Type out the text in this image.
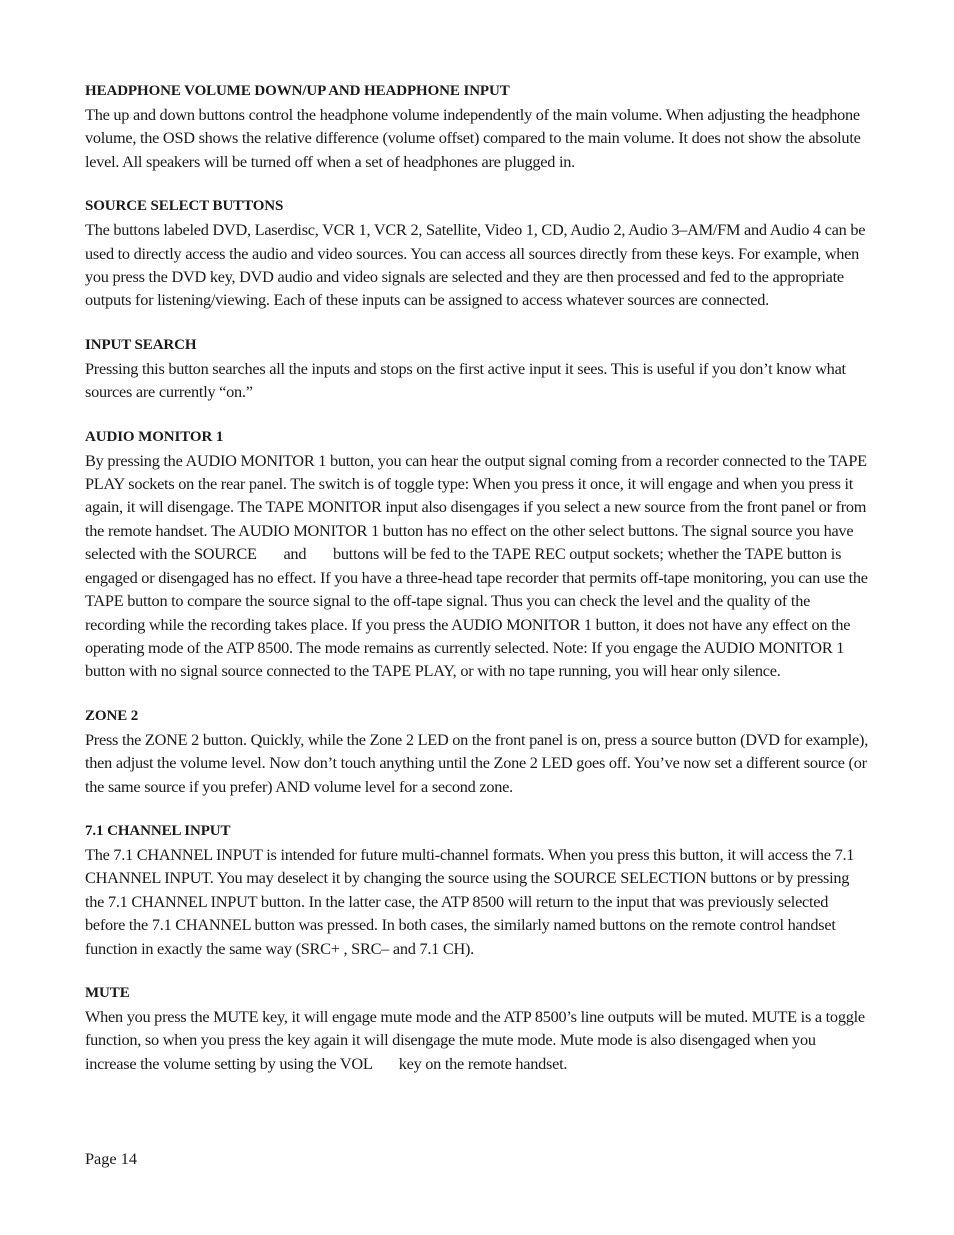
HEADPHONE VOLUME DOWN/UP AND HEADPHONE INPUT

The up and down buttons control the headphone volume independently of the main volume. When adjusting the headphone volume, the OSD shows the relative difference (volume offset) compared to the main volume. It does not show the absolute level. All speakers will be turned off when a set of headphones are plugged in.

SOURCE SELECT BUTTONS

The buttons labeled DVD, Laserdisc, VCR 1, VCR 2, Satellite, Video 1, CD, Audio 2, Audio 3–AM/FM and Audio 4 can be used to directly access the audio and video sources. You can access all sources directly from these keys. For example, when you press the DVD key, DVD audio and video signals are selected and they are then processed and fed to the appropriate outputs for listening/viewing. Each of these inputs can be assigned to access whatever sources are connected.

INPUT SEARCH

Pressing this button searches all the inputs and stops on the first active input it sees. This is useful if you don’t know what sources are currently “on.”

AUDIO MONITOR 1

By pressing the AUDIO MONITOR 1 button, you can hear the output signal coming from a recorder connected to the TAPE PLAY sockets on the rear panel. The switch is of toggle type: When you press it once, it will engage and when you press it again, it will disengage. The TAPE MONITOR input also disengages if you select a new source from the front panel or from the remote handset. The AUDIO MONITOR 1 button has no effect on the other select buttons. The signal source you have selected with the SOURCE       and       buttons will be fed to the TAPE REC output sockets; whether the TAPE button is engaged or disengaged has no effect. If you have a three-head tape recorder that permits off-tape monitoring, you can use the TAPE button to compare the source signal to the off-tape signal. Thus you can check the level and the quality of the recording while the recording takes place. If you press the AUDIO MONITOR 1 button, it does not have any effect on the operating mode of the ATP 8500. The mode remains as currently selected. Note: If you engage the AUDIO MONITOR 1 button with no signal source connected to the TAPE PLAY, or with no tape running, you will hear only silence.

ZONE 2

Press the ZONE 2 button. Quickly, while the Zone 2 LED on the front panel is on, press a source button (DVD for example), then adjust the volume level. Now don’t touch anything until the Zone 2 LED goes off. You’ve now set a different source (or the same source if you prefer) AND volume level for a second zone.

7.1 CHANNEL INPUT

The 7.1 CHANNEL INPUT is intended for future multi-channel formats. When you press this button, it will access the 7.1 CHANNEL INPUT. You may deselect it by changing the source using the SOURCE SELECTION buttons or by pressing the 7.1 CHANNEL INPUT button. In the latter case, the ATP 8500 will return to the input that was previously selected before the 7.1 CHANNEL button was pressed. In both cases, the similarly named buttons on the remote control handset function in exactly the same way (SRC+ , SRC– and 7.1 CH).

MUTE

When you press the MUTE key, it will engage mute mode and the ATP 8500’s line outputs will be muted. MUTE is a toggle function, so when you press the key again it will disengage the mute mode. Mute mode is also disengaged when you increase the volume setting by using the VOL       key on the remote handset.

Page 14
